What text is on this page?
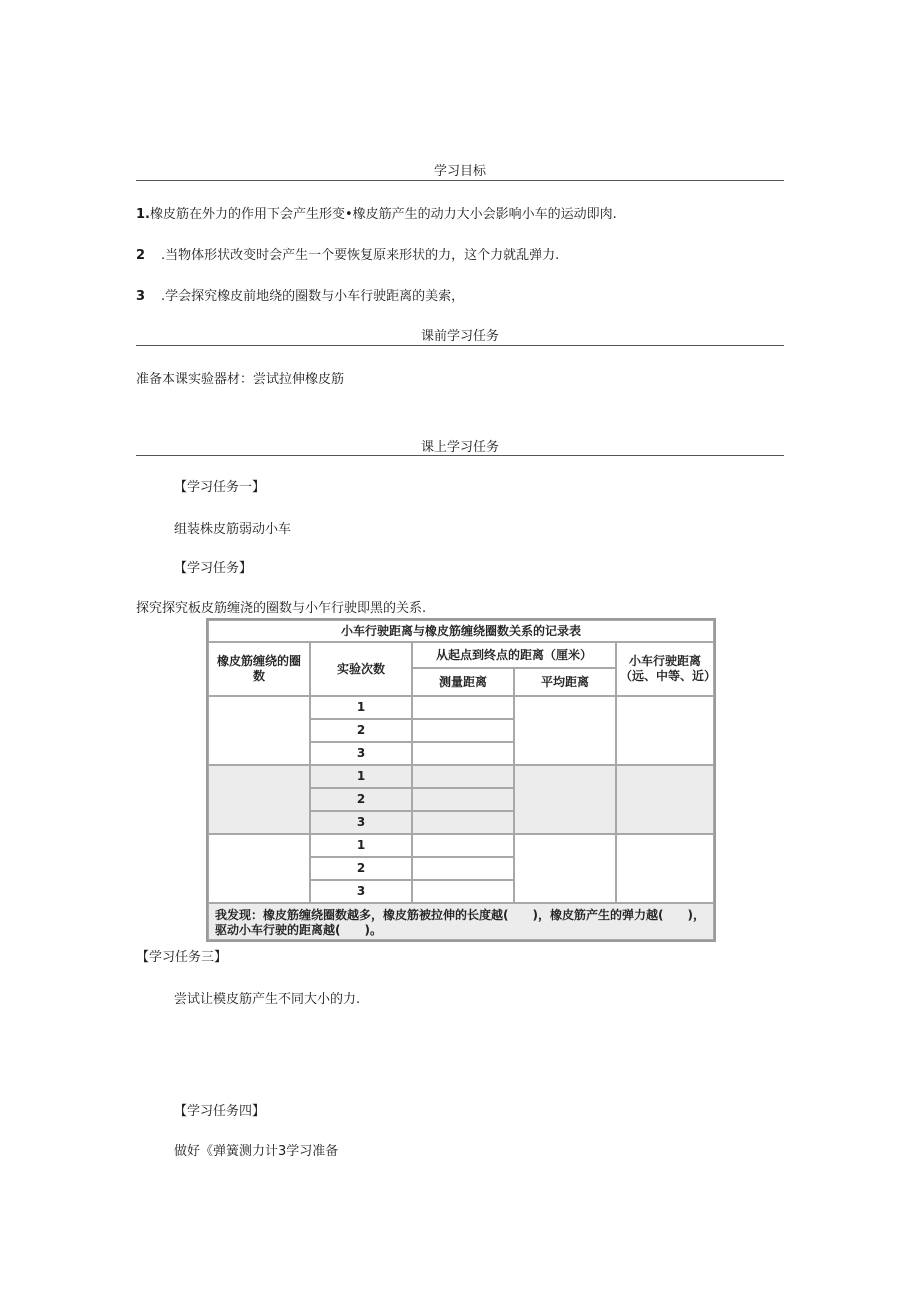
学习目标
1.橡皮筋在外力的作用下会产生形变•橡皮筋产生的动力大小会影响小车的运动即肉.
2 .当物体形状改变时会产生一个要恢复原来形状的力，这个力就乱弹力.
3 .学会探究橡皮前地绕的圈数与小车行驶距离的美索，
课前学习任务
准备本课实验器材：尝试拉伸橡皮筋
课上学习任务
【学习任务一】
组装株皮筋弱动小车
【学习任务】
探究探究板皮筋缠浇的圈数与小乍行驶即黑的关系.
小车行驶距离与橡皮筋缠绕圈数关系的记录表
橡皮筋缠绕的圈数
实验次数
从起点到终点的距离（厘米）
测量距离	平均距离
小车行驶距离（远、中等、近）
1
2
3
1
2
3
1
2
3
我发现：橡皮筋缠绕圈数越多，橡皮筋被拉伸的长度越(　　)，橡皮筋产生的弹力越(　　)，驱动小车行驶的距离越(　　)。
【学习任务三】
尝试让模皮筋产生不同大小的力.
【学习任务四】
做好《弹簧测力计3学习准备
